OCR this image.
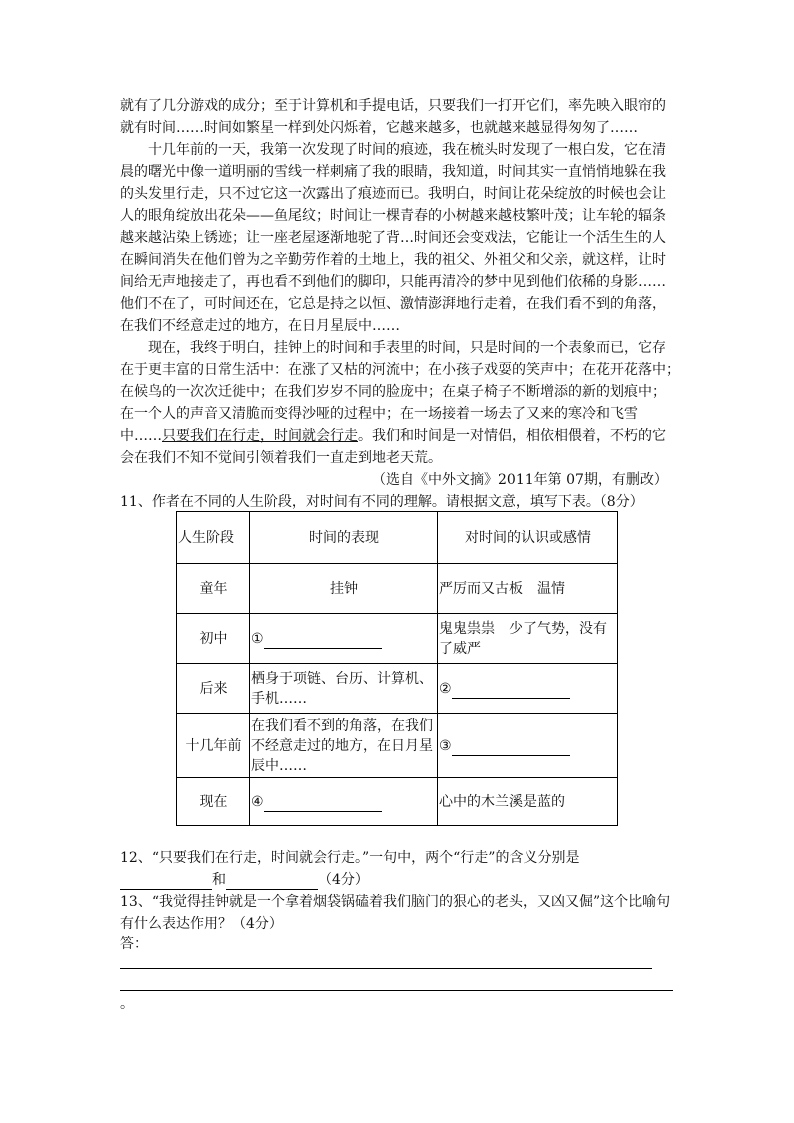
就有了几分游戏的成分；至于计算机和手提电话，只要我们一打开它们，率先映入眼帘的
就有时间……时间如繁星一样到处闪烁着，它越来越多，也就越来越显得匆匆了……
十几年前的一天，我第一次发现了时间的痕迹，我在梳头时发现了一根白发，它在清
晨的曙光中像一道明丽的雪线一样刺痛了我的眼睛，我知道，时间其实一直悄悄地躲在我
的头发里行走，只不过它这一次露出了痕迹而已。我明白，时间让花朵绽放的时候也会让
人的眼角绽放出花朵——鱼尾纹；时间让一棵青春的小树越来越枝繁叶茂；让车轮的辐条
越来越沾染上锈迹；让一座老屋逐渐地驼了背…时间还会变戏法，它能让一个活生生的人
在瞬间消失在他们曾为之辛勤劳作着的土地上，我的祖父、外祖父和父亲，就这样，让时
间给无声地接走了，再也看不到他们的脚印，只能再清冷的梦中见到他们依稀的身影……
他们不在了，可时间还在，它总是持之以恒、激情澎湃地行走着，在我们看不到的角落，
在我们不经意走过的地方，在日月星辰中……
现在，我终于明白，挂钟上的时间和手表里的时间，只是时间的一个表象而已，它存
在于更丰富的日常生活中：在涨了又枯的河流中；在小孩子戏耍的笑声中；在花开花落中；
在候鸟的一次次迁徙中；在我们岁岁不同的脸庞中；在桌子椅子不断增添的新的划痕中；
在一个人的声音又清脆而变得沙哑的过程中；在一场接着一场去了又来的寒冷和飞雪
中……只要我们在行走，时间就会行走。我们和时间是一对情侣，相依相偎着，不朽的它
会在我们不知不觉间引领着我们一直走到地老天荒。
（选自《中外文摘》2011年第 07期，有删改）
11、作者在不同的人生阶段，对时间有不同的理解。请根据文意，填写下表。（8分）
人生阶段	时间的表现	对时间的认识或感情
童年	挂钟	严厉而又古板　温情
初中	①	鬼鬼祟祟　少了气势，没有了威严
后来	栖身于项链、台历、计算机、手机……	②
十几年前	在我们看不到的角落，在我们不经意走过的地方，在日月星辰中……	③
现在	④	心中的木兰溪是蓝的
12、“只要我们在行走，时间就会行走。”一句中，两个“行走”的含义分别是
和	（4分）
13、“我觉得挂钟就是一个拿着烟袋锅磕着我们脑门的狠心的老头，又凶又倔”这个比喻句
有什么表达作用？（4分）
答：
。
